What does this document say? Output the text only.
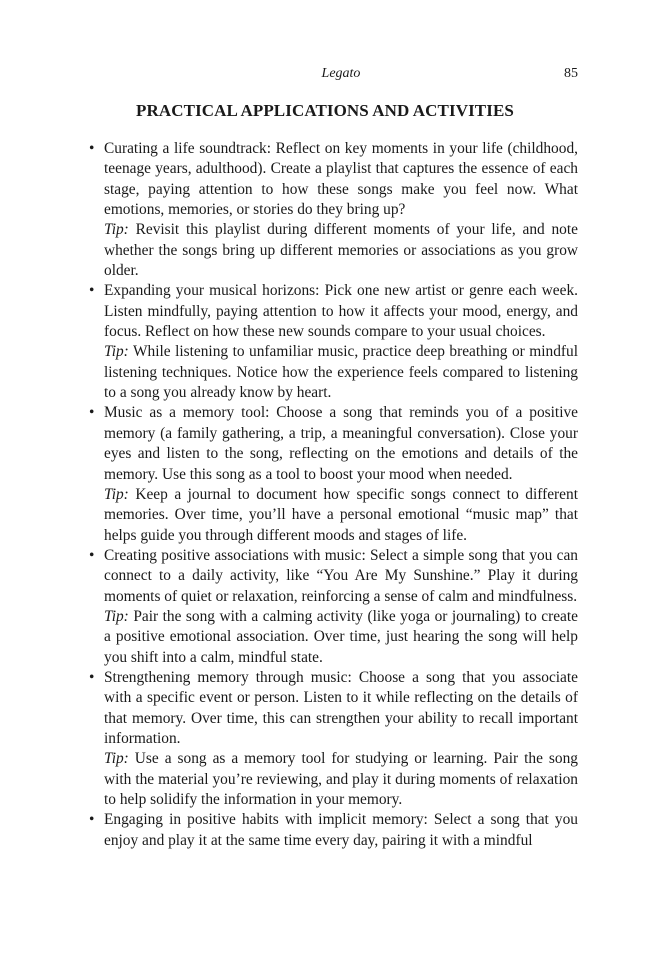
Legato	85
PRACTICAL APPLICATIONS AND ACTIVITIES
• Curating a life soundtrack: Reflect on key moments in your life (childhood, teenage years, adulthood). Create a playlist that captures the essence of each stage, paying attention to how these songs make you feel now. What emotions, memories, or stories do they bring up?

Tip: Revisit this playlist during different moments of your life, and note whether the songs bring up different memories or associations as you grow older.

• Expanding your musical horizons: Pick one new artist or genre each week. Listen mindfully, paying attention to how it affects your mood, energy, and focus. Reflect on how these new sounds compare to your usual choices.

Tip: While listening to unfamiliar music, practice deep breathing or mindful listening techniques. Notice how the experience feels compared to listening to a song you already know by heart.

• Music as a memory tool: Choose a song that reminds you of a positive memory (a family gathering, a trip, a meaningful conversation). Close your eyes and listen to the song, reflecting on the emotions and details of the memory. Use this song as a tool to boost your mood when needed.

Tip: Keep a journal to document how specific songs connect to different memories. Over time, you’ll have a personal emotional “music map” that helps guide you through different moods and stages of life.

• Creating positive associations with music: Select a simple song that you can connect to a daily activity, like “You Are My Sunshine.” Play it during moments of quiet or relaxation, reinforcing a sense of calm and mindfulness.

Tip: Pair the song with a calming activity (like yoga or journaling) to create a positive emotional association. Over time, just hearing the song will help you shift into a calm, mindful state.

• Strengthening memory through music: Choose a song that you associate with a specific event or person. Listen to it while reflecting on the details of that memory. Over time, this can strengthen your ability to recall important information.

Tip: Use a song as a memory tool for studying or learning. Pair the song with the material you’re reviewing, and play it during moments of relaxation to help solidify the information in your memory.

• Engaging in positive habits with implicit memory: Select a song that you enjoy and play it at the same time every day, pairing it with a mindful
